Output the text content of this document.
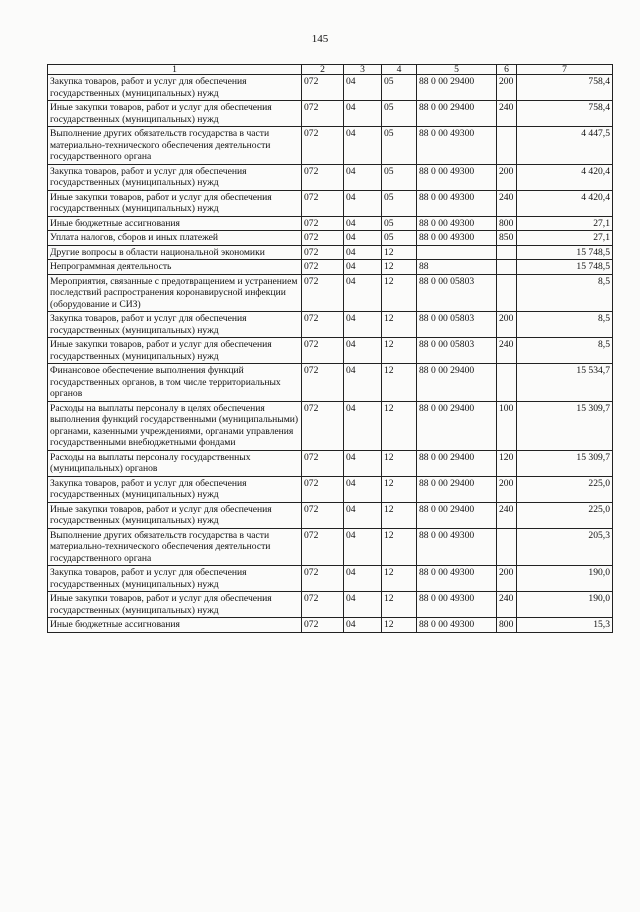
145
1	2	3	4	5	6	7
Закупка товаров, работ и услуг для обеспечения государственных (муниципальных) нужд	072	04	05	88 0 00 29400	200	758,4
Иные закупки товаров, работ и услуг для обеспечения государственных (муниципальных) нужд	072	04	05	88 0 00 29400	240	758,4
Выполнение других обязательств государства в части материально-технического обеспечения деятельности государственного органа	072	04	05	88 0 00 49300		4 447,5
Закупка товаров, работ и услуг для обеспечения государственных (муниципальных) нужд	072	04	05	88 0 00 49300	200	4 420,4
Иные закупки товаров, работ и услуг для обеспечения государственных (муниципальных) нужд	072	04	05	88 0 00 49300	240	4 420,4
Иные бюджетные ассигнования	072	04	05	88 0 00 49300	800	27,1
Уплата налогов, сборов и иных платежей	072	04	05	88 0 00 49300	850	27,1
Другие вопросы в области национальной экономики	072	04	12			15 748,5
Непрограммная деятельность	072	04	12	88		15 748,5
Мероприятия, связанные с предотвращением и устранением последствий распространения коронавирусной инфекции (оборудование и СИЗ)	072	04	12	88 0 00 05803		8,5
Закупка товаров, работ и услуг для обеспечения государственных (муниципальных) нужд	072	04	12	88 0 00 05803	200	8,5
Иные закупки товаров, работ и услуг для обеспечения государственных (муниципальных) нужд	072	04	12	88 0 00 05803	240	8,5
Финансовое обеспечение выполнения функций государственных органов, в том числе территориальных органов	072	04	12	88 0 00 29400		15 534,7
Расходы на выплаты персоналу в целях обеспечения выполнения функций государственными (муниципальными) органами, казенными учреждениями, органами управления государственными внебюджетными фондами	072	04	12	88 0 00 29400	100	15 309,7
Расходы на выплаты персоналу государственных (муниципальных) органов	072	04	12	88 0 00 29400	120	15 309,7
Закупка товаров, работ и услуг для обеспечения государственных (муниципальных) нужд	072	04	12	88 0 00 29400	200	225,0
Иные закупки товаров, работ и услуг для обеспечения государственных (муниципальных) нужд	072	04	12	88 0 00 29400	240	225,0
Выполнение других обязательств государства в части материально-технического обеспечения деятельности государственного органа	072	04	12	88 0 00 49300		205,3
Закупка товаров, работ и услуг для обеспечения государственных (муниципальных) нужд	072	04	12	88 0 00 49300	200	190,0
Иные закупки товаров, работ и услуг для обеспечения государственных (муниципальных) нужд	072	04	12	88 0 00 49300	240	190,0
Иные бюджетные ассигнования	072	04	12	88 0 00 49300	800	15,3
